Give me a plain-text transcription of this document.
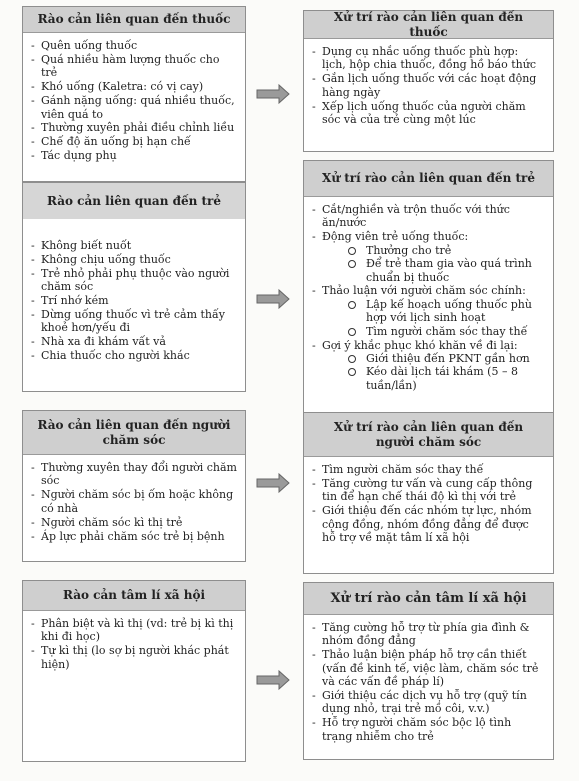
Rào cản liên quan đến thuốc
- Quên uống thuốc
- Quá nhiều hàm lượng thuốc cho trẻ
- Khó uống (Kaletra: có vị cay)
- Gánh nặng uống: quá nhiều thuốc, viên quá to
- Thường xuyên phải điều chỉnh liều
- Chế độ ăn uống bị hạn chế
- Tác dụng phụ
Xử trí rào cản liên quan đến thuốc
- Dụng cụ nhắc uống thuốc phù hợp: lịch, hộp chia thuốc, đồng hồ báo thức
- Gắn lịch uống thuốc với các hoạt động hàng ngày
- Xếp lịch uống thuốc của người chăm sóc và của trẻ cùng một lúc
Rào cản liên quan đến trẻ
- Không biết nuốt
- Không chịu uống thuốc
- Trẻ nhỏ phải phụ thuộc vào người chăm sóc
- Trí nhớ kém
- Dừng uống thuốc vì trẻ cảm thấy khoẻ hơn/yếu đi
- Nhà xa đi khám vất vả
- Chia thuốc cho người khác
Xử trí rào cản liên quan đến trẻ
- Cắt/nghiền và trộn thuốc với thức ăn/nước
- Động viên trẻ uống thuốc:
Thưởng cho trẻ
Để trẻ tham gia vào quá trình chuẩn bị thuốc
- Thảo luận với người chăm sóc chính:
Lập kế hoạch uống thuốc phù hợp với lịch sinh hoạt
Tìm người chăm sóc thay thế
- Gợi ý khắc phục khó khăn về đi lại:
Giới thiệu đến PKNT gần hơn
Kéo dài lịch tái khám (5 – 8 tuần/lần)
Rào cản liên quan đến người chăm sóc
- Thường xuyên thay đổi người chăm sóc
- Người chăm sóc bị ốm hoặc không có nhà
- Người chăm sóc kì thị trẻ
- Áp lực phải chăm sóc trẻ bị bệnh
Xử trí rào cản liên quan đến người chăm sóc
- Tìm người chăm sóc thay thế
- Tăng cường tư vấn và cung cấp thông tin để hạn chế thái độ kì thị với trẻ
- Giới thiệu đến các nhóm tự lực, nhóm cộng đồng, nhóm đồng đẳng để được hỗ trợ về mặt tâm lí xã hội
Rào cản tâm lí xã hội
- Phân biệt và kì thị (vd: trẻ bị kì thị khi đi học)
- Tự kì thị (lo sợ bị người khác phát hiện)
Xử trí rào cản tâm lí xã hội
- Tăng cường hỗ trợ từ phía gia đình & nhóm đồng đẳng
- Thảo luận biện pháp hỗ trợ cần thiết (vấn đề kinh tế, việc làm, chăm sóc trẻ và các vấn đề pháp lí)
- Giới thiệu các dịch vụ hỗ trợ (quỹ tín dụng nhỏ, trại trẻ mồ côi, v.v.)
- Hỗ trợ người chăm sóc bộc lộ tình trạng nhiễm cho trẻ
